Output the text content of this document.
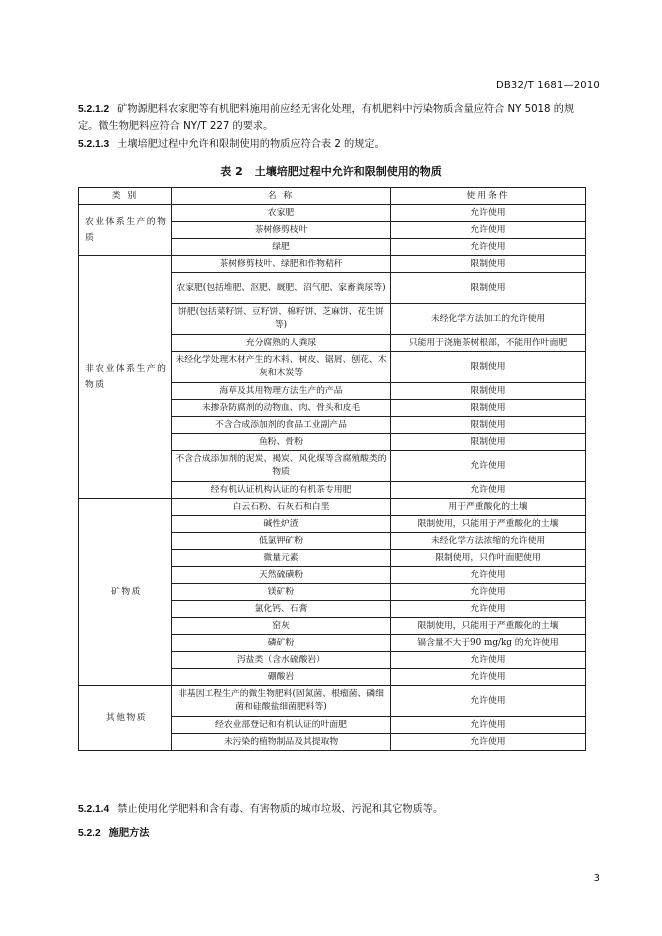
DB32/T 1681—2010
5.2.1.2 矿物源肥料农家肥等有机肥料施用前应经无害化处理，有机肥料中污染物质含量应符合 NY 5018 的规定。微生物肥料应符合 NY/T 227 的要求。
5.2.1.3 土壤培肥过程中允许和限制使用的物质应符合表 2 的规定。
表 2 土壤培肥过程中允许和限制使用的物质
类 别	名 称	使用条件
农业体系生产的物质	农家肥	允许使用
	茶树修剪枝叶	允许使用
	绿肥	允许使用
非农业体系生产的物质	茶树修剪枝叶、绿肥和作物秸秆	限制使用
	农家肥(包括堆肥、沤肥、厩肥、沼气肥、家畜粪尿等)	限制使用
	饼肥(包括菜籽饼、豆籽饼、棉籽饼、芝麻饼、花生饼等)	未经化学方法加工的允许使用
	充分腐熟的人粪尿	只能用于浇施茶树根部，不能用作叶面肥
	未经化学处理木材产生的木料、树皮、锯屑、刨花、木灰和木炭等	限制使用
	海草及其用物理方法生产的产品	限制使用
	未掺杂防腐剂的动物血、肉、骨头和皮毛	限制使用
	不含合成添加剂的食品工业副产品	限制使用
	鱼粉、骨粉	限制使用
	不含合成添加剂的泥炭、褐炭、风化煤等含腐殖酸类的物质	允许使用
	经有机认证机构认证的有机茶专用肥	允许使用
矿物质	白云石粉、石灰石和白垩	用于严重酸化的土壤
	碱性炉渣	限制使用，只能用于严重酸化的土壤
	低氯钾矿粉	未经化学方法浓缩的允许使用
	微量元素	限制使用，只作叶面肥使用
	天然硫磺粉	允许使用
	镁矿粉	允许使用
	氯化钙、石膏	允许使用
	窑灰	限制使用，只能用于严重酸化的土壤
	磷矿粉	镉含量不大于90 mg/kg 的允许使用
	泻盐类（含水硫酸岩）	允许使用
	硼酸岩	允许使用
其他物质	非基因工程生产的微生物肥料(固氮菌、根瘤菌、磷细菌和硅酸盐细菌肥料等)	允许使用
	经农业部登记和有机认证的叶面肥	允许使用
	未污染的植物制品及其提取物	允许使用
5.2.1.4 禁止使用化学肥料和含有毒、有害物质的城市垃圾、污泥和其它物质等。
5.2.2 施肥方法
3
